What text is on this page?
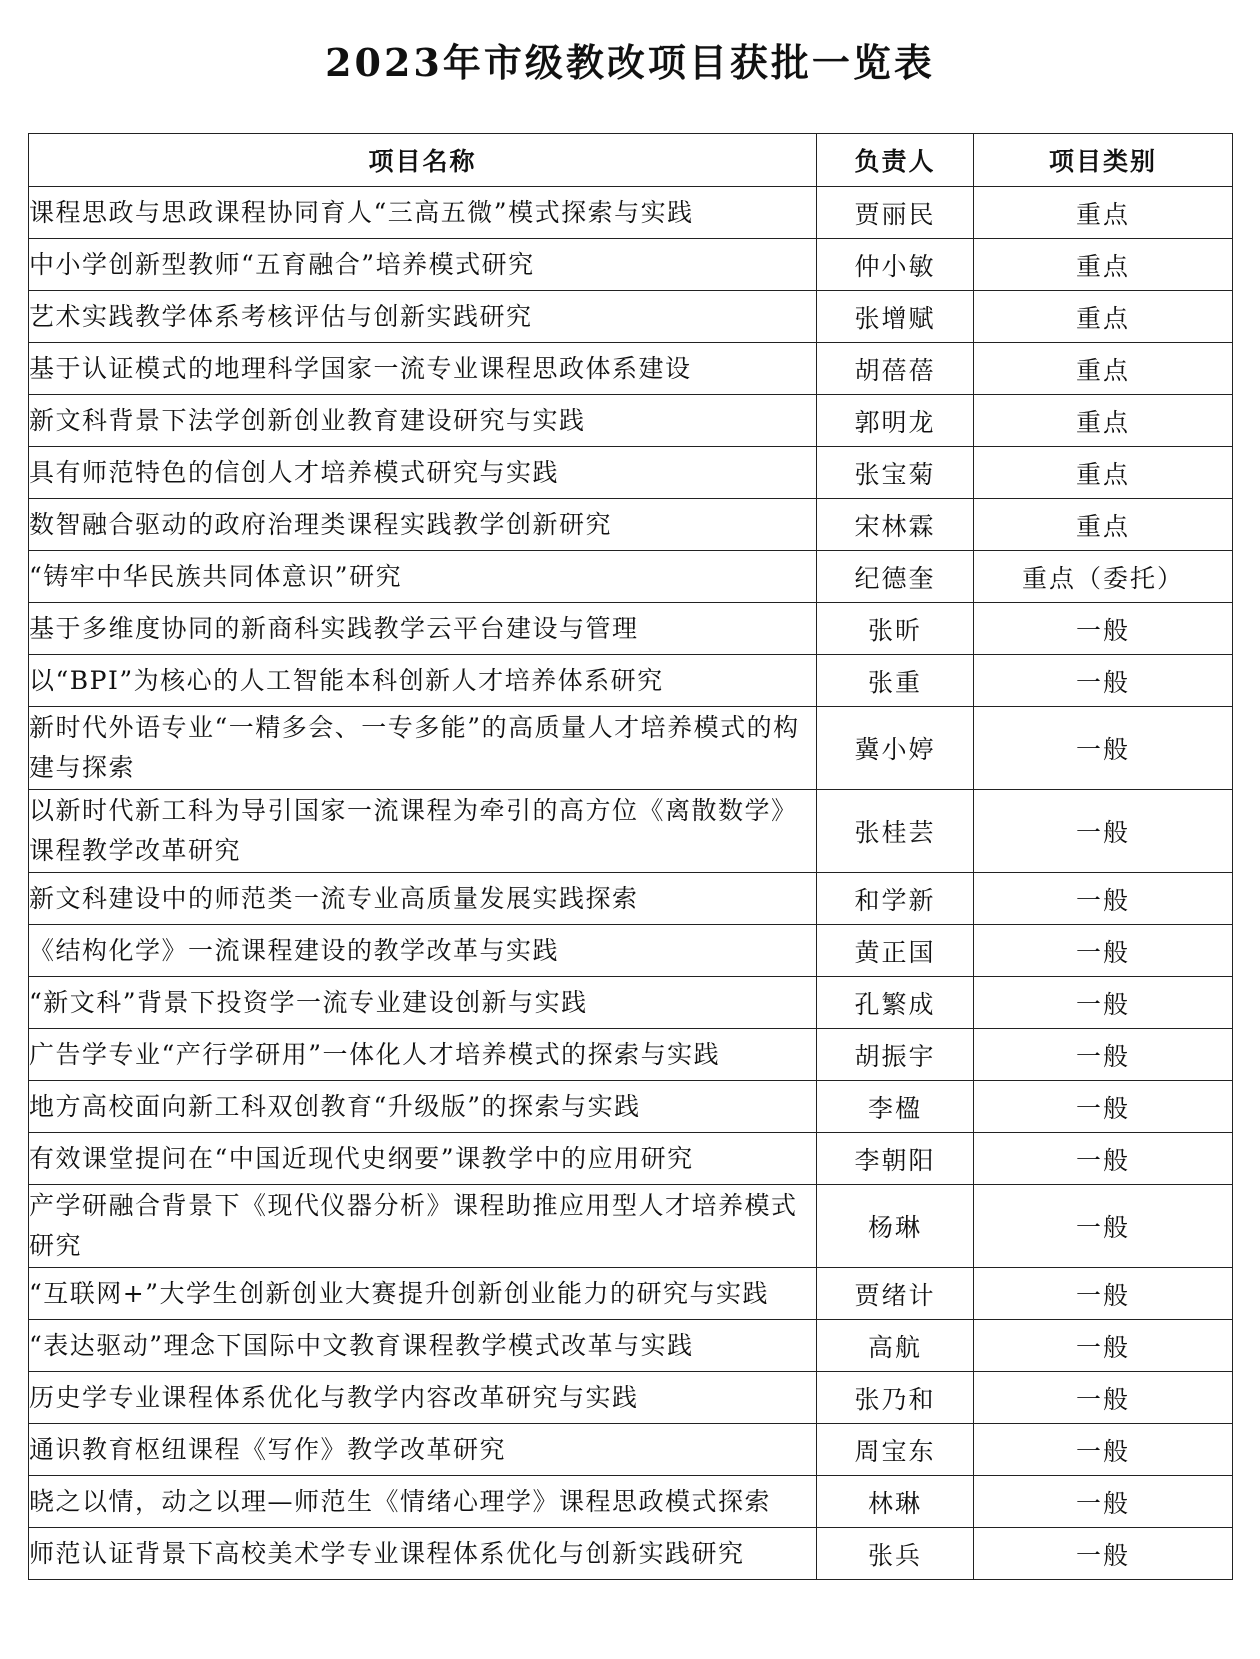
2023年市级教改项目获批一览表
项目名称	负责人	项目类别
课程思政与思政课程协同育人“三高五微”模式探索与实践	贾丽民	重点
中小学创新型教师“五育融合”培养模式研究	仲小敏	重点
艺术实践教学体系考核评估与创新实践研究	张增赋	重点
基于认证模式的地理科学国家一流专业课程思政体系建设	胡蓓蓓	重点
新文科背景下法学创新创业教育建设研究与实践	郭明龙	重点
具有师范特色的信创人才培养模式研究与实践	张宝菊	重点
数智融合驱动的政府治理类课程实践教学创新研究	宋林霖	重点
“铸牢中华民族共同体意识”研究	纪德奎	重点（委托）
基于多维度协同的新商科实践教学云平台建设与管理	张昕	一般
以“BPI”为核心的人工智能本科创新人才培养体系研究	张重	一般
新时代外语专业“一精多会、一专多能”的高质量人才培养模式的构建与探索	冀小婷	一般
以新时代新工科为导引国家一流课程为牵引的高方位《离散数学》课程教学改革研究	张桂芸	一般
新文科建设中的师范类一流专业高质量发展实践探索	和学新	一般
《结构化学》一流课程建设的教学改革与实践	黄正国	一般
“新文科”背景下投资学一流专业建设创新与实践	孔繁成	一般
广告学专业“产行学研用”一体化人才培养模式的探索与实践	胡振宇	一般
地方高校面向新工科双创教育“升级版”的探索与实践	李楹	一般
有效课堂提问在“中国近现代史纲要”课教学中的应用研究	李朝阳	一般
产学研融合背景下《现代仪器分析》课程助推应用型人才培养模式研究	杨琳	一般
“互联网+”大学生创新创业大赛提升创新创业能力的研究与实践	贾绪计	一般
“表达驱动”理念下国际中文教育课程教学模式改革与实践	高航	一般
历史学专业课程体系优化与教学内容改革研究与实践	张乃和	一般
通识教育枢纽课程《写作》教学改革研究	周宝东	一般
晓之以情，动之以理—师范生《情绪心理学》课程思政模式探索	林琳	一般
师范认证背景下高校美术学专业课程体系优化与创新实践研究	张兵	一般
